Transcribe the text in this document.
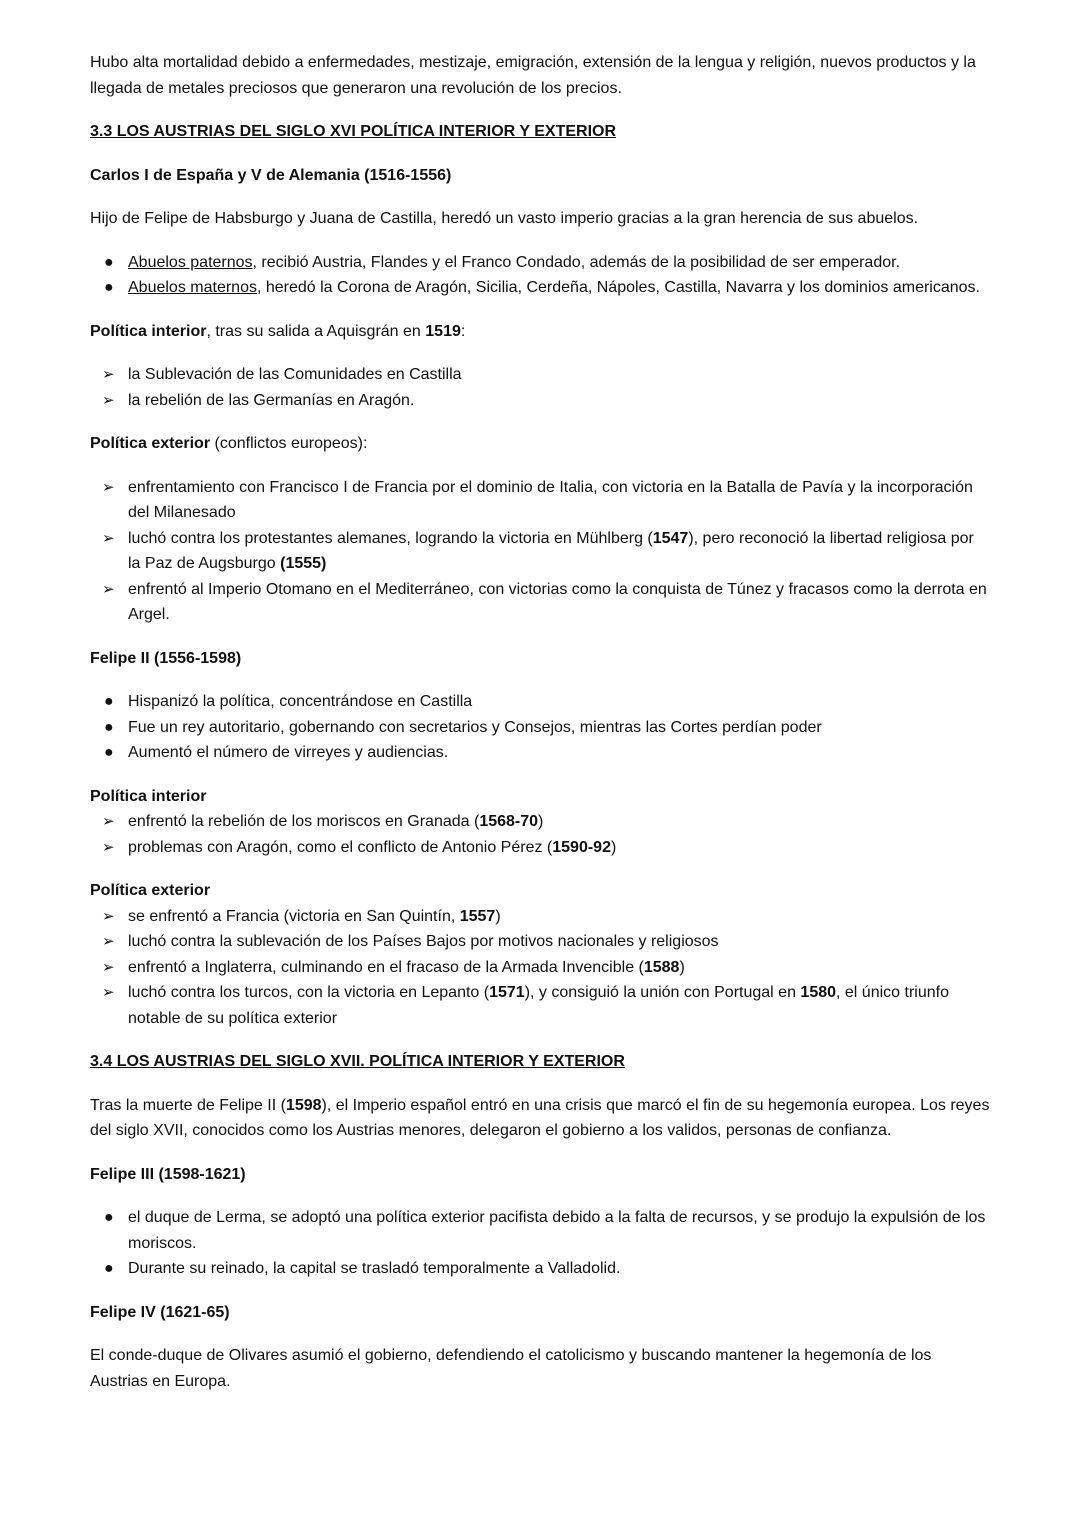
Hubo alta mortalidad debido a enfermedades, mestizaje, emigración, extensión de la lengua y religión, nuevos productos y la llegada de metales preciosos que generaron una revolución de los precios.

3.3 LOS AUSTRIAS DEL SIGLO XVI POLÍTICA INTERIOR Y EXTERIOR

Carlos I de España y V de Alemania (1516-1556)

Hijo de Felipe de Habsburgo y Juana de Castilla, heredó un vasto imperio gracias a la gran herencia de sus abuelos.

● Abuelos paternos, recibió Austria, Flandes y el Franco Condado, además de la posibilidad de ser emperador.
● Abuelos maternos, heredó la Corona de Aragón, Sicilia, Cerdeña, Nápoles, Castilla, Navarra y los dominios americanos.

Política interior, tras su salida a Aquisgrán en 1519:

➢ la Sublevación de las Comunidades en Castilla
➢ la rebelión de las Germanías en Aragón.

Política exterior (conflictos europeos):

➢ enfrentamiento con Francisco I de Francia por el dominio de Italia, con victoria en la Batalla de Pavía y la incorporación del Milanesado
➢ luchó contra los protestantes alemanes, logrando la victoria en Mühlberg (1547), pero reconoció la libertad religiosa por la Paz de Augsburgo (1555)
➢ enfrentó al Imperio Otomano en el Mediterráneo, con victorias como la conquista de Túnez y fracasos como la derrota en Argel.

Felipe II (1556-1598)

● Hispanizó la política, concentrándose en Castilla
● Fue un rey autoritario, gobernando con secretarios y Consejos, mientras las Cortes perdían poder
● Aumentó el número de virreyes y audiencias.

Política interior

➢ enfrentó la rebelión de los moriscos en Granada (1568-70)
➢ problemas con Aragón, como el conflicto de Antonio Pérez (1590-92)

Política exterior

➢ se enfrentó a Francia (victoria en San Quintín, 1557)
➢ luchó contra la sublevación de los Países Bajos por motivos nacionales y religiosos
➢ enfrentó a Inglaterra, culminando en el fracaso de la Armada Invencible (1588)
➢ luchó contra los turcos, con la victoria en Lepanto (1571), y consiguió la unión con Portugal en 1580, el único triunfo notable de su política exterior

3.4 LOS AUSTRIAS DEL SIGLO XVII. POLÍTICA INTERIOR Y EXTERIOR

Tras la muerte de Felipe II (1598), el Imperio español entró en una crisis que marcó el fin de su hegemonía europea. Los reyes del siglo XVII, conocidos como los Austrias menores, delegaron el gobierno a los validos, personas de confianza.

Felipe III (1598-1621)

● el duque de Lerma, se adoptó una política exterior pacifista debido a la falta de recursos, y se produjo la expulsión de los moriscos.
● Durante su reinado, la capital se trasladó temporalmente a Valladolid.

Felipe IV (1621-65)

El conde-duque de Olivares asumió el gobierno, defendiendo el catolicismo y buscando mantener la hegemonía de los Austrias en Europa.
